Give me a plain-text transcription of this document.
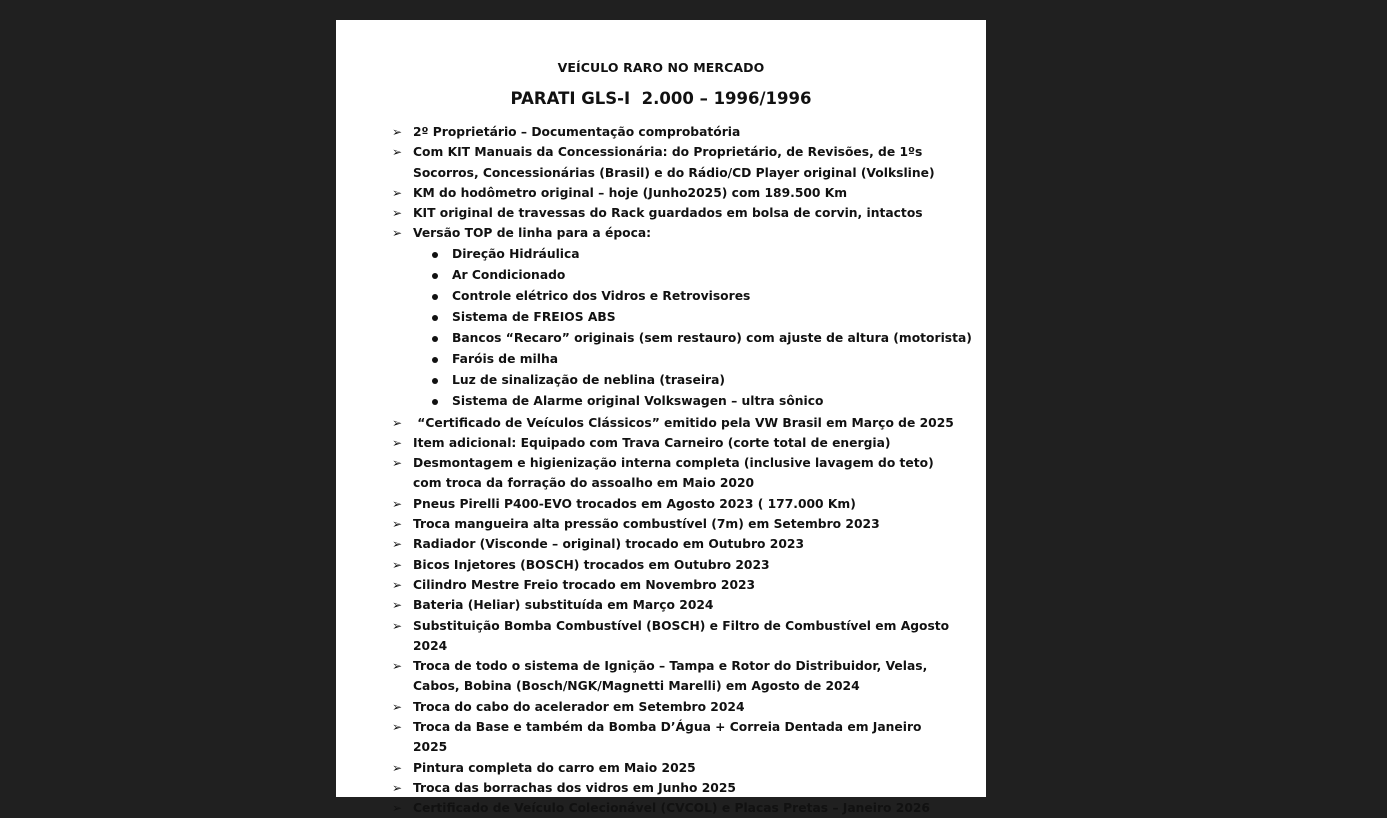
VEÍCULO RARO NO MERCADO
PARATI GLS-I  2.000 – 1996/1996
➢ 2º Proprietário – Documentação comprobatória
➢ Com KIT Manuais da Concessionária: do Proprietário, de Revisões, de 1ºs Socorros, Concessionárias (Brasil) e do Rádio/CD Player original (Volksline)
➢ KM do hodômetro original – hoje (Junho2025) com 189.500 Km
➢ KIT original de travessas do Rack guardados em bolsa de corvin, intactos
➢ Versão TOP de linha para a época:
Direção Hidráulica
Ar Condicionado
Controle elétrico dos Vidros e Retrovisores
Sistema de FREIOS ABS
Bancos “Recaro” originais (sem restauro) com ajuste de altura (motorista)
Faróis de milha
Luz de sinalização de neblina (traseira)
Sistema de Alarme original Volkswagen – ultra sônico
➢ “Certificado de Veículos Clássicos” emitido pela VW Brasil em Março de 2025
➢ Item adicional: Equipado com Trava Carneiro (corte total de energia)
➢ Desmontagem e higienização interna completa (inclusive lavagem do teto) com troca da forração do assoalho em Maio 2020
➢ Pneus Pirelli P400-EVO trocados em Agosto 2023 ( 177.000 Km)
➢ Troca mangueira alta pressão combustível (7m) em Setembro 2023
➢ Radiador (Visconde – original) trocado em Outubro 2023
➢ Bicos Injetores (BOSCH) trocados em Outubro 2023
➢ Cilindro Mestre Freio trocado em Novembro 2023
➢ Bateria (Heliar) substituída em Março 2024
➢ Substituição Bomba Combustível (BOSCH) e Filtro de Combustível em Agosto 2024
➢ Troca de todo o sistema de Ignição – Tampa e Rotor do Distribuidor, Velas, Cabos, Bobina (Bosch/NGK/Magnetti Marelli) em Agosto de 2024
➢ Troca do cabo do acelerador em Setembro 2024
➢ Troca da Base e também da Bomba D’Água + Correia Dentada em Janeiro 2025
➢ Pintura completa do carro em Maio 2025
➢ Troca das borrachas dos vidros em Junho 2025
➢ Certificado de Veículo Colecionável (CVCOL) e Placas Pretas – Janeiro 2026
